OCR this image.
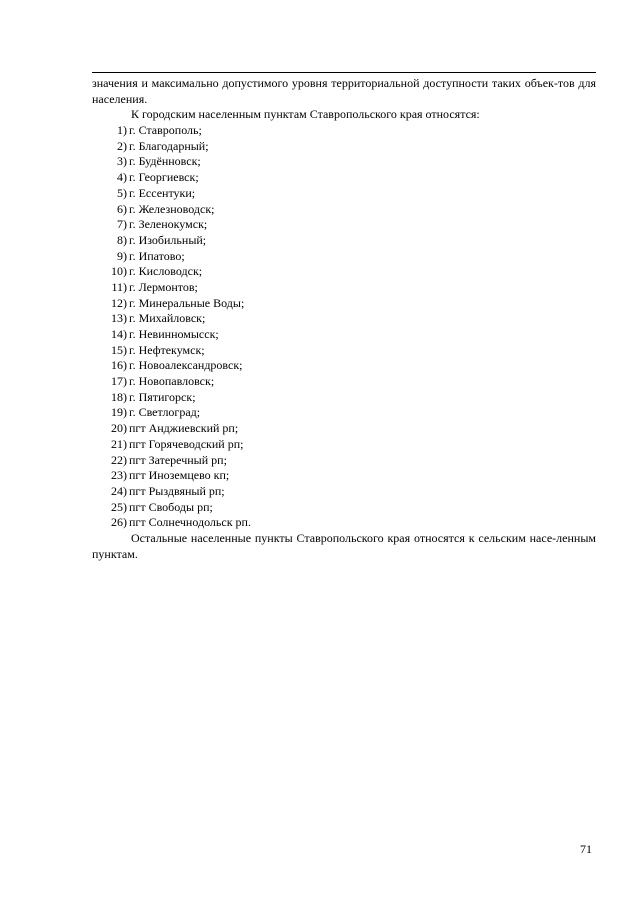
значения и максимально допустимого уровня территориальной доступности таких объек-тов для населения.

К городским населенным пунктам Ставропольского края относятся:

1) г. Ставрополь;
2) г. Благодарный;
3) г. Будённовск;
4) г. Георгиевск;
5) г. Ессентуки;
6) г. Железноводск;
7) г. Зеленокумск;
8) г. Изобильный;
9) г. Ипатово;
10) г. Кисловодск;
11) г. Лермонтов;
12) г. Минеральные Воды;
13) г. Михайловск;
14) г. Невинномысск;
15) г. Нефтекумск;
16) г. Новоалександровск;
17) г. Новопавловск;
18) г. Пятигорск;
19) г. Светлоград;
20) пгт Анджиевский рп;
21) пгт Горячеводский рп;
22) пгт Затеречный рп;
23) пгт Иноземцево кп;
24) пгт Рыздвяный рп;
25) пгт Свободы рп;
26) пгт Солнечнодольск рп.

Остальные населенные пункты Ставропольского края относятся к сельским насе-ленным пунктам.

71
